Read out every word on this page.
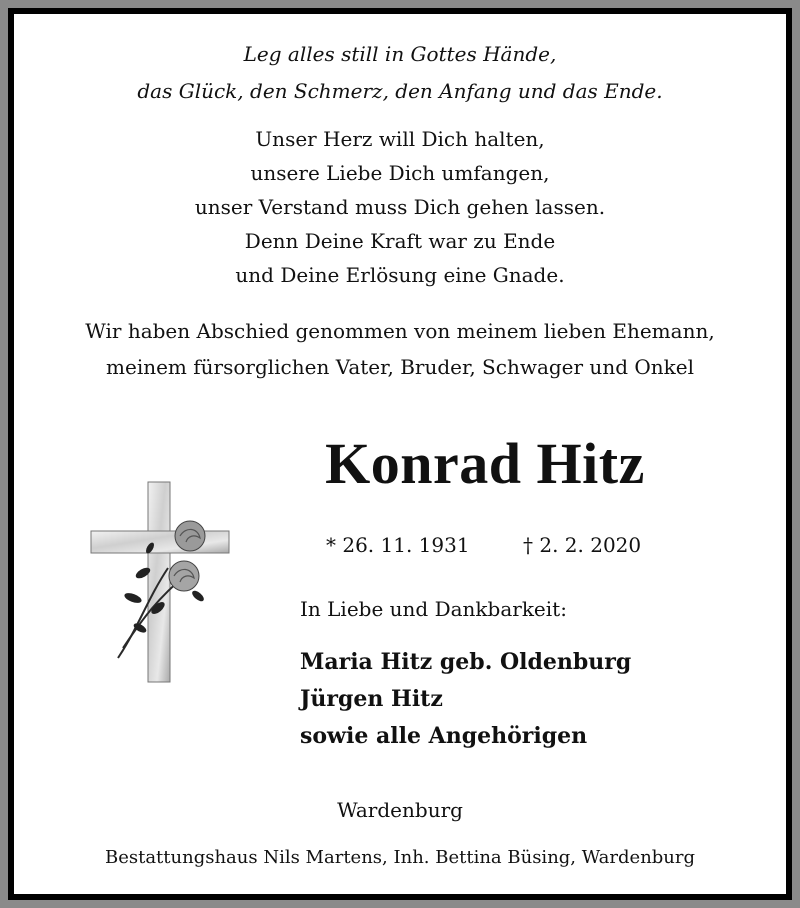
Leg alles still in Gottes Hände,
das Glück, den Schmerz, den Anfang und das Ende.
Unser Herz will Dich halten,
unsere Liebe Dich umfangen,
unser Verstand muss Dich gehen lassen.
Denn Deine Kraft war zu Ende
und Deine Erlösung eine Gnade.
Wir haben Abschied genommen von meinem lieben Ehemann,
meinem fürsorglichen Vater, Bruder, Schwager und Onkel
Konrad Hitz
* 26. 11. 1931	† 2. 2. 2020
In Liebe und Dankbarkeit:
Maria Hitz geb. Oldenburg
Jürgen Hitz
sowie alle Angehörigen
Wardenburg
Bestattungshaus Nils Martens, Inh. Bettina Büsing, Wardenburg
